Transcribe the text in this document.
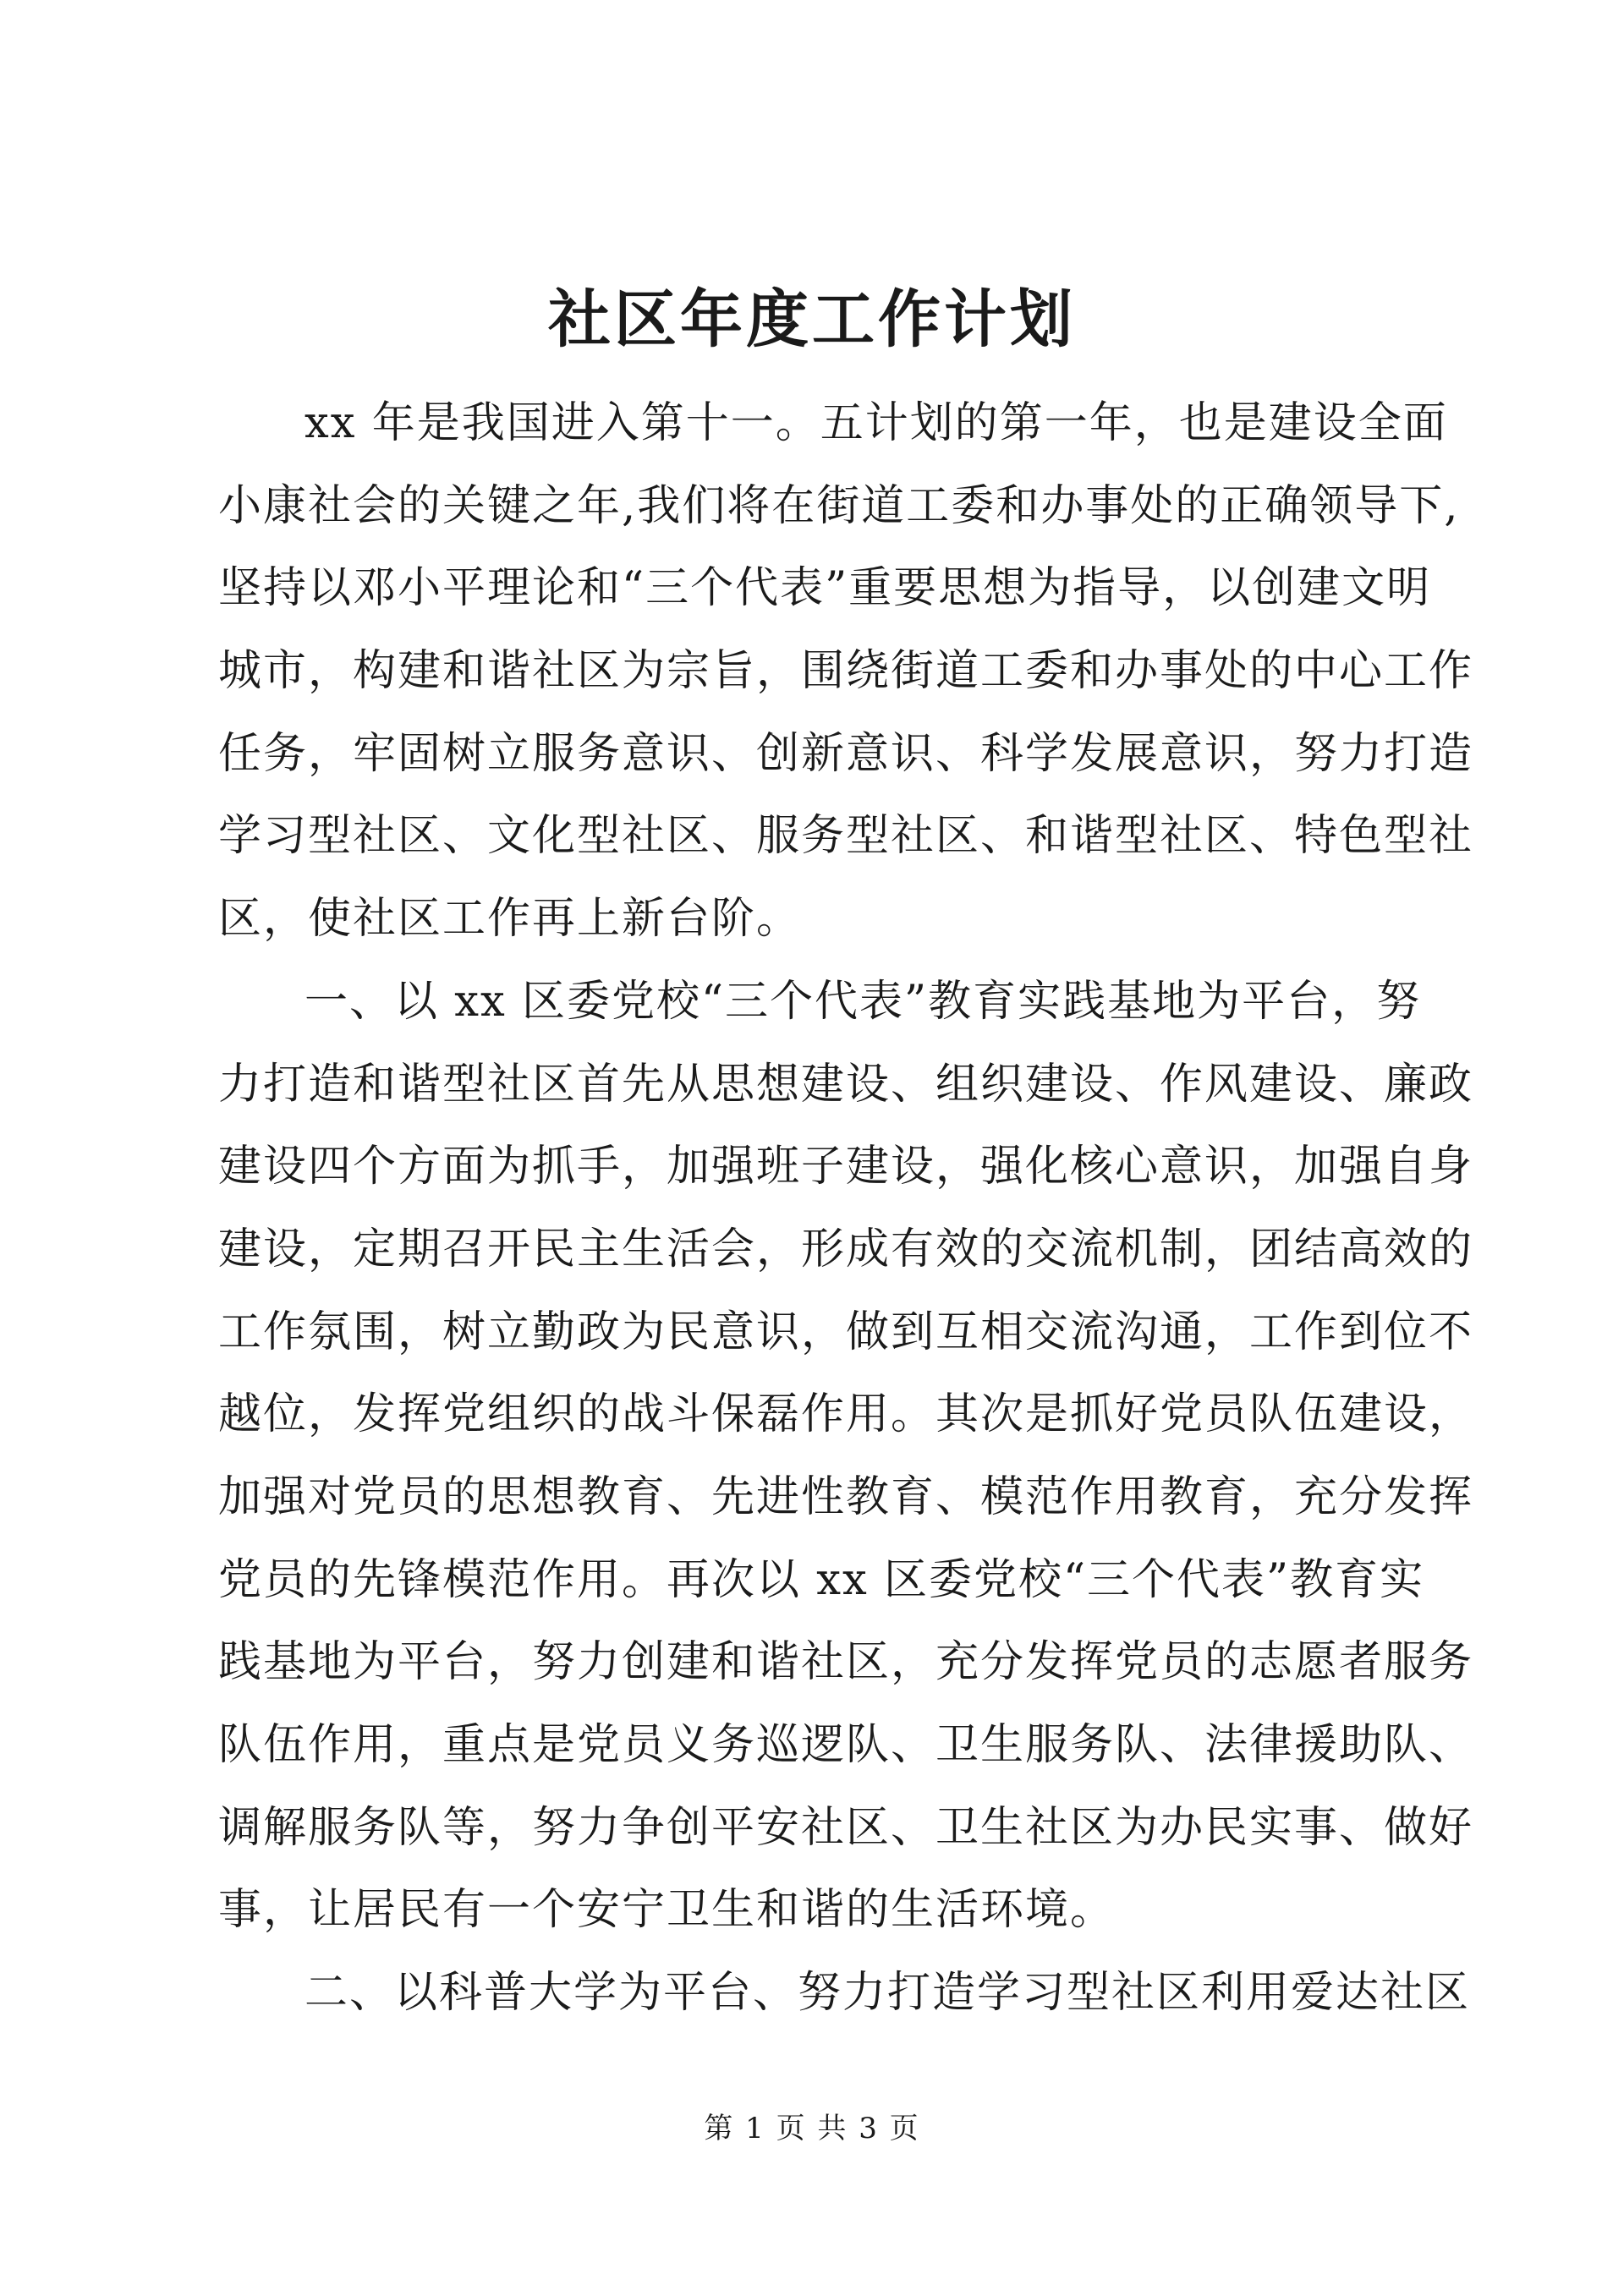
社区年度工作计划
xx 年是我国进入第十一。五计划的第一年，也是建设全面
小康社会的关键之年,我们将在街道工委和办事处的正确领导下,
坚持以邓小平理论和“三个代表”重要思想为指导，以创建文明
城市，构建和谐社区为宗旨，围绕街道工委和办事处的中心工作
任务，牢固树立服务意识、创新意识、科学发展意识，努力打造
学习型社区、文化型社区、服务型社区、和谐型社区、特色型社
区，使社区工作再上新台阶。
一、以 xx 区委党校“三个代表”教育实践基地为平台，努
力打造和谐型社区首先从思想建设、组织建设、作风建设、廉政
建设四个方面为抓手，加强班子建设，强化核心意识，加强自身
建设，定期召开民主生活会，形成有效的交流机制，团结高效的
工作氛围，树立勤政为民意识，做到互相交流沟通，工作到位不
越位，发挥党组织的战斗保磊作用。其次是抓好党员队伍建设，
加强对党员的思想教育、先进性教育、模范作用教育，充分发挥
党员的先锋模范作用。再次以 xx 区委党校“三个代表”教育实
践基地为平台，努力创建和谐社区，充分发挥党员的志愿者服务
队伍作用，重点是党员义务巡逻队、卫生服务队、法律援助队、
调解服务队等，努力争创平安社区、卫生社区为办民实事、做好
事，让居民有一个安宁卫生和谐的生活环境。
二、以科普大学为平台、努力打造学习型社区利用爱达社区
第 1 页 共 3 页
